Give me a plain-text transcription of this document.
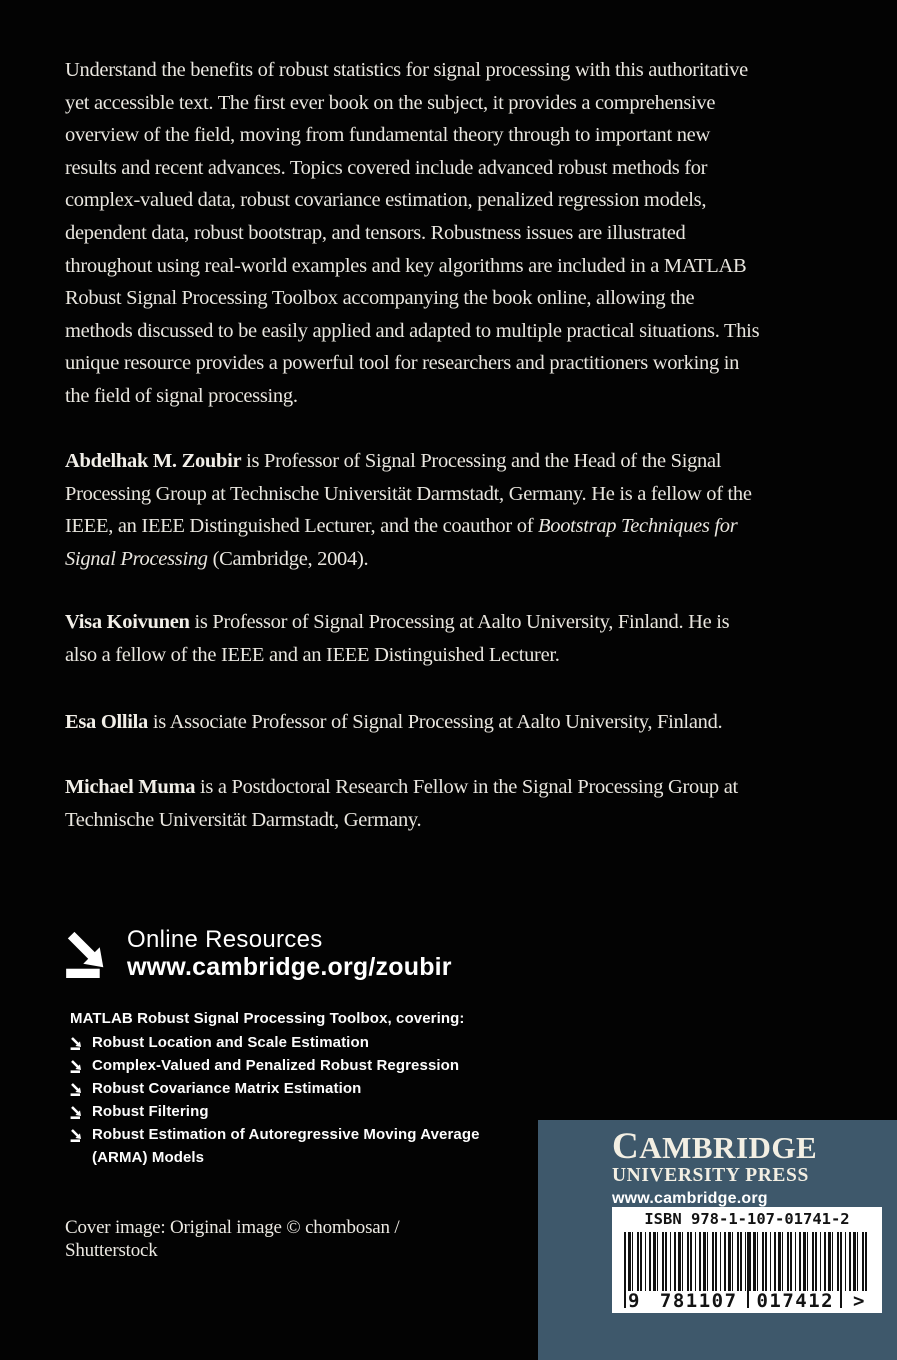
Understand the benefits of robust statistics for signal processing with this authoritative yet accessible text. The first ever book on the subject, it provides a comprehensive overview of the field, moving from fundamental theory through to important new results and recent advances. Topics covered include advanced robust methods for complex-valued data, robust covariance estimation, penalized regression models, dependent data, robust bootstrap, and tensors. Robustness issues are illustrated throughout using real-world examples and key algorithms are included in a MATLAB Robust Signal Processing Toolbox accompanying the book online, allowing the methods discussed to be easily applied and adapted to multiple practical situations. This unique resource provides a powerful tool for researchers and practitioners working in the field of signal processing.

Abdelhak M. Zoubir is Professor of Signal Processing and the Head of the Signal Processing Group at Technische Universität Darmstadt, Germany. He is a fellow of the IEEE, an IEEE Distinguished Lecturer, and the coauthor of Bootstrap Techniques for Signal Processing (Cambridge, 2004).

Visa Koivunen is Professor of Signal Processing at Aalto University, Finland. He is also a fellow of the IEEE and an IEEE Distinguished Lecturer.

Esa Ollila is Associate Professor of Signal Processing at Aalto University, Finland.

Michael Muma is a Postdoctoral Research Fellow in the Signal Processing Group at Technische Universität Darmstadt, Germany.

Online Resources
www.cambridge.org/zoubir

MATLAB Robust Signal Processing Toolbox, covering:

Robust Location and Scale Estimation
Complex-Valued and Penalized Robust Regression
Robust Covariance Matrix Estimation
Robust Filtering
Robust Estimation of Autoregressive Moving Average (ARMA) Models

Cover image: Original image © chombosan /
Shutterstock

CAMBRIDGE
UNIVERSITY PRESS
www.cambridge.org
ISBN 978-1-107-01741-2
9 781107 017412 >
